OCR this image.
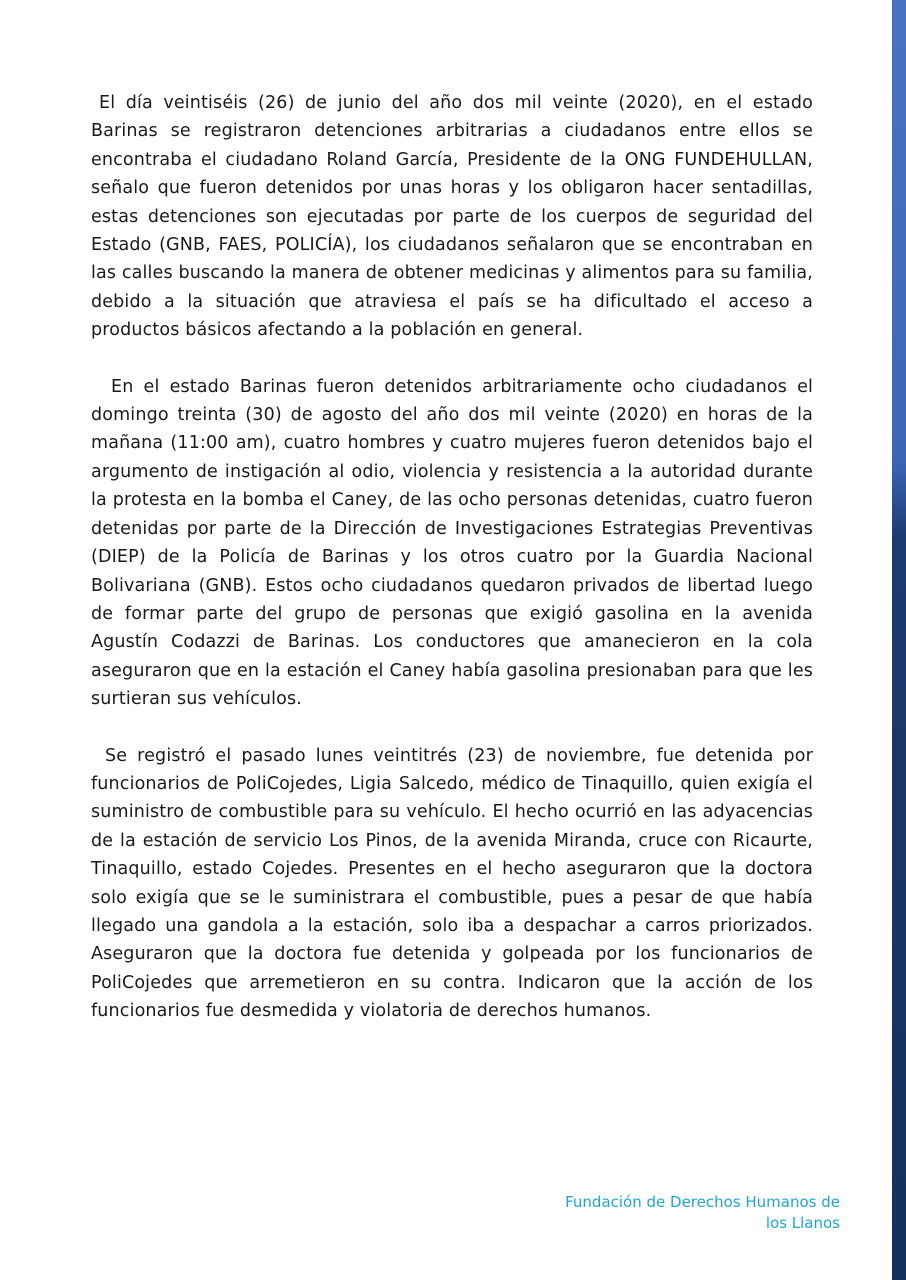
El día veintiséis (26) de junio del año dos mil veinte (2020), en el estado Barinas se registraron detenciones arbitrarias a ciudadanos entre ellos se encontraba el ciudadano Roland García, Presidente de la ONG FUNDEHULLAN, señalo que fueron detenidos por unas horas y los obligaron hacer sentadillas, estas detenciones son ejecutadas por parte de los cuerpos de seguridad del Estado (GNB, FAES, POLICÍA), los ciudadanos señalaron que se encontraban en las calles buscando la manera de obtener medicinas y alimentos para su familia, debido a la situación que atraviesa el país se ha dificultado el acceso a productos básicos afectando a la población en general.

En el estado Barinas fueron detenidos arbitrariamente ocho ciudadanos el domingo treinta (30) de agosto del año dos mil veinte (2020) en horas de la mañana (11:00 am), cuatro hombres y cuatro mujeres fueron detenidos bajo el argumento de instigación al odio, violencia y resistencia a la autoridad durante la protesta en la bomba el Caney, de las ocho personas detenidas, cuatro fueron detenidas por parte de la Dirección de Investigaciones Estrategias Preventivas (DIEP) de la Policía de Barinas y los otros cuatro por la Guardia Nacional Bolivariana (GNB). Estos ocho ciudadanos quedaron privados de libertad luego de formar parte del grupo de personas que exigió gasolina en la avenida Agustín Codazzi de Barinas. Los conductores que amanecieron en la cola aseguraron que en la estación el Caney había gasolina presionaban para que les surtieran sus vehículos.

Se registró el pasado lunes veintitrés (23) de noviembre, fue detenida por funcionarios de PoliCojedes, Ligia Salcedo, médico de Tinaquillo, quien exigía el suministro de combustible para su vehículo. El hecho ocurrió en las adyacencias de la estación de servicio Los Pinos, de la avenida Miranda, cruce con Ricaurte, Tinaquillo, estado Cojedes. Presentes en el hecho aseguraron que la doctora solo exigía que se le suministrara el combustible, pues a pesar de que había llegado una gandola a la estación, solo iba a despachar a carros priorizados. Aseguraron que la doctora fue detenida y golpeada por los funcionarios de PoliCojedes que arremetieron en su contra. Indicaron que la acción de los funcionarios fue desmedida y violatoria de derechos humanos.

Fundación de Derechos Humanos de
los Llanos
